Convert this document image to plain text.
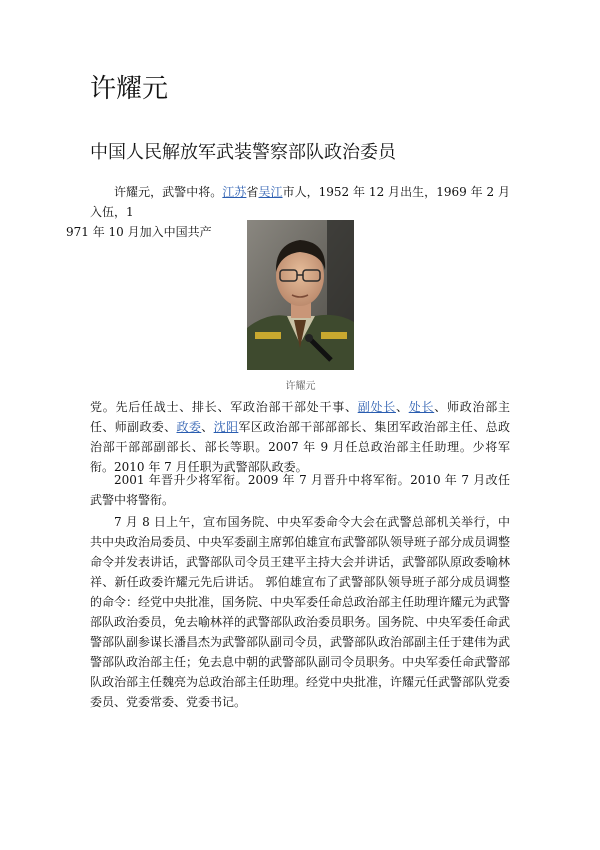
许耀元
中国人民解放军武装警察部队政治委员

许耀元，武警中将。江苏省吴江市人，1952 年 12 月出生，1969 年 2 月入伍，1
971 年 10 月加入中国共产

许耀元

党。先后任战士、排长、军政治部干部处干事、副处长、处长、师政治部主任、师副政委、政委、沈阳军区政治部干部部部长、集团军政治部主任、总政治部干部部副部长、部长等职。2007 年 9 月任总政治部主任助理。少将军衔。2010 年 7 月任职为武警部队政委。

2001 年晋升少将军衔。2009 年 7 月晋升中将军衔。2010 年 7 月改任武警中将警衔。

7 月 8 日上午，宣布国务院、中央军委命令大会在武警总部机关举行，中共中央政治局委员、中央军委副主席郭伯雄宣布武警部队领导班子部分成员调整命令并发表讲话，武警部队司令员王建平主持大会并讲话，武警部队原政委喻林祥、新任政委许耀元先后讲话。 郭伯雄宣布了武警部队领导班子部分成员调整的命令：经党中央批准，国务院、中央军委任命总政治部主任助理许耀元为武警部队政治委员，免去喻林祥的武警部队政治委员职务。国务院、中央军委任命武警部队副参谋长潘昌杰为武警部队副司令员，武警部队政治部副主任于建伟为武警部队政治部主任；免去息中朝的武警部队副司令员职务。中央军委任命武警部队政治部主任魏亮为总政治部主任助理。经党中央批准，许耀元任武警部队党委委员、党委常委、党委书记。
